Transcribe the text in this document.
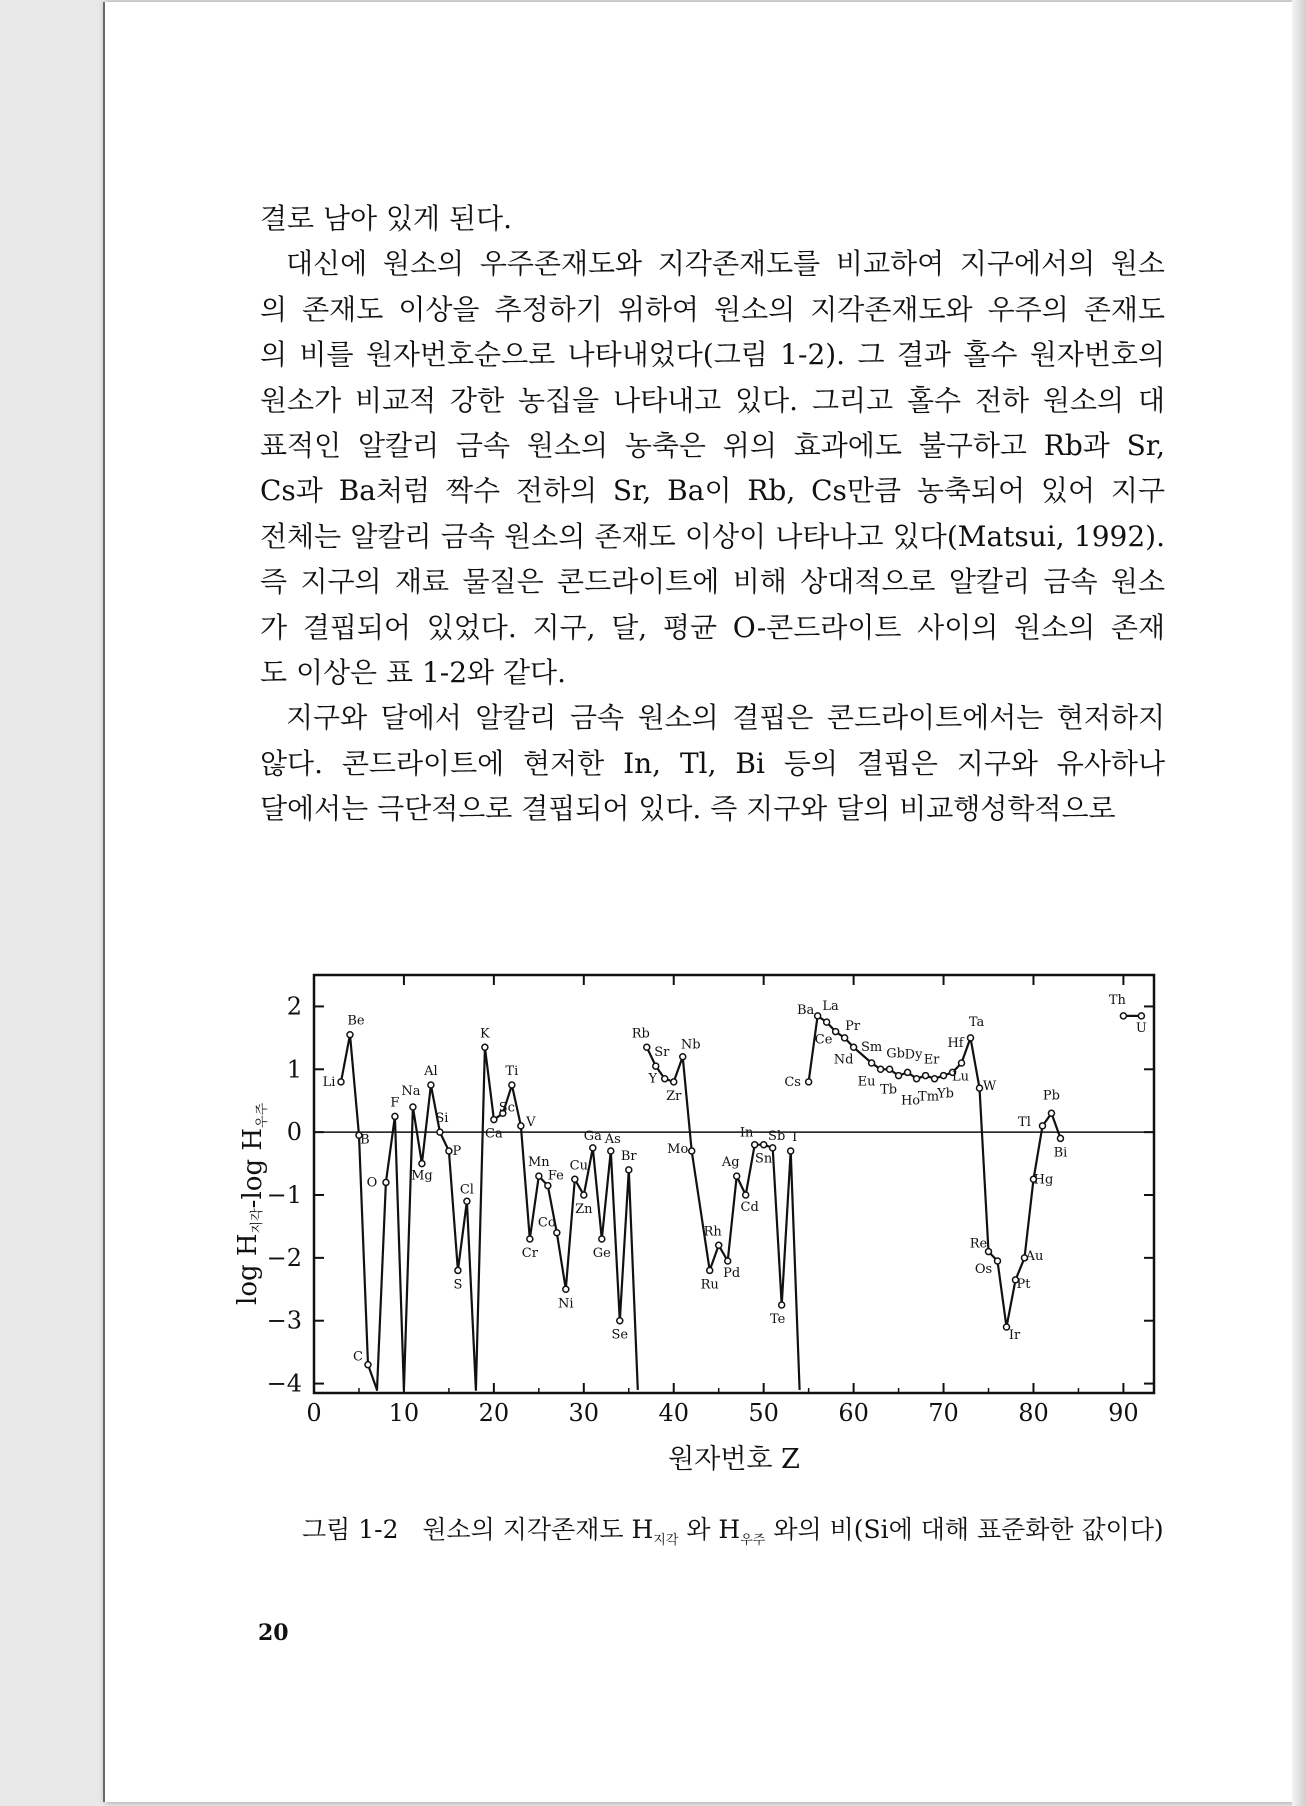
결로 남아 있게 된다.
대신에 원소의 우주존재도와 지각존재도를 비교하여 지구에서의 원소
의 존재도 이상을 추정하기 위하여 원소의 지각존재도와 우주의 존재도
의 비를 원자번호순으로 나타내었다(그림 1-2). 그 결과 홀수 원자번호의
원소가 비교적 강한 농집을 나타내고 있다. 그리고 홀수 전하 원소의 대
표적인 알칼리 금속 원소의 농축은 위의 효과에도 불구하고 Rb과 Sr,
Cs과 Ba처럼 짝수 전하의 Sr, Ba이 Rb, Cs만큼 농축되어 있어 지구
전체는 알칼리 금속 원소의 존재도 이상이 나타나고 있다(Matsui, 1992).
즉 지구의 재료 물질은 콘드라이트에 비해 상대적으로 알칼리 금속 원소
가 결핍되어 있었다. 지구, 달, 평균 O-콘드라이트 사이의 원소의 존재
도 이상은 표 1-2와 같다.
지구와 달에서 알칼리 금속 원소의 결핍은 콘드라이트에서는 현저하지
않다. 콘드라이트에 현저한 In, Tl, Bi 등의 결핍은 지구와 유사하나
달에서는 극단적으로 결핍되어 있다. 즉 지구와 달의 비교행성학적으로
0	10 20 30 40 50 60 70 80 90
2
1
0
−1
−2
−3
−4
Li
Be
B
C
O
F
Na
Mg
Al
Si
P
S
Cl
K
Ca
Sc
Ti
V
Cr
Mn
Fe
Co
Ni
Cu
Zn
Ga
Ge
As
Se
Br
Rb
Sr
Y
Zr
Nb
Mo
Rh
Ru
Pd
Ag
Cd
In
Sn
Sb I
Te
Cs
Ba La
Ce
Pr
Nd
Sm
Eu
Gb
Tb
Dy
Ho
Er
Tm
Yb
Lu
Hf
Ta
W
Re
Os
Ir
Pt
Au
Hg
Tl
Pb
Bi
Th
U
원자번호 Z
log H지각-log H우주
그림 1-2 원소의 지각존재도 $H_{지각}$ 와 $H_{우주}$ 와의 비(Si에 대해 표준화한 값이다)
20
